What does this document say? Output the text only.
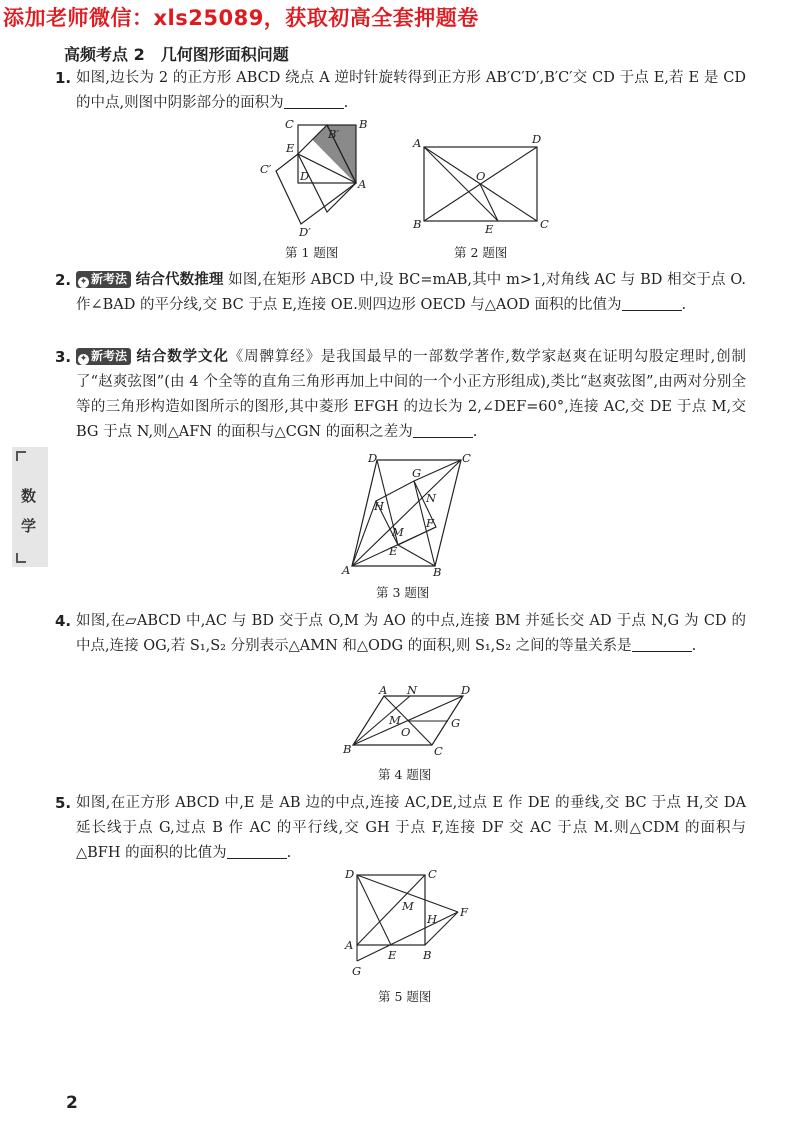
添加老师微信：xls25089，获取初高全套押题卷
高频考点 2　几何图形面积问题
1. 如图,边长为 2 的正方形 ABCD 绕点 A 逆时针旋转得到正方形 AB′C′D′,B′C′交 CD 于点 E,若 E 是 CD 的中点,则图中阴影部分的面积为	.
C
B′
B
E
C′ D
A
D′
第 1 题图
A	D
O
B	E	C
第 2 题图
2. ✦ 新考法 结合代数推理 如图,在矩形 ABCD 中,设 BC=mAB,其中 m>1,对角线 AC 与 BD 相交于点 O.作∠BAD 的平分线,交 BC 于点 E,连接 OE.则四边形 OECD 与△AOD 面积的比值为	.
3. ✦ 新考法 结合数学文化《周髀算经》是我国最早的一部数学著作,数学家赵爽在证明勾股定理时,创制了“赵爽弦图”(由 4 个全等的直角三角形再加上中间的一个小正方形组成),类比“赵爽弦图”,由两对分别全等的三角形构造如图所示的图形,其中菱形 EFGH 的边长为 2,∠DEF=60°,连接 AC,交 DE 于点 M,交 BG 于点 N,则△AFN 的面积与△CGN 的面积之差为	.
D	C
G
H
N
F
M
E
A	B
第 3 题图
4. 如图,在▱ABCD 中,AC 与 BD 交于点 O,M 为 AO 的中点,连接 BM 并延长交 AD 于点 N,G 为 CD 的中点,连接 OG,若 S₁,S₂ 分别表示△AMN 和△ODG 的面积,则 S₁,S₂ 之间的等量关系是	.
A N	D
M	G
O
B	C
第 4 题图
5. 如图,在正方形 ABCD 中,E 是 AB 边的中点,连接 AC,DE,过点 E 作 DE 的垂线,交 BC 于点 H,交 DA 延长线于点 G,过点 B 作 AC 的平行线,交 GH 于点 F,连接 DF 交 AC 于点 M.则△CDM 的面积与△BFH 的面积的比值为	.
D	C
M
H F
A
E B
G
第 5 题图
数
学
2
